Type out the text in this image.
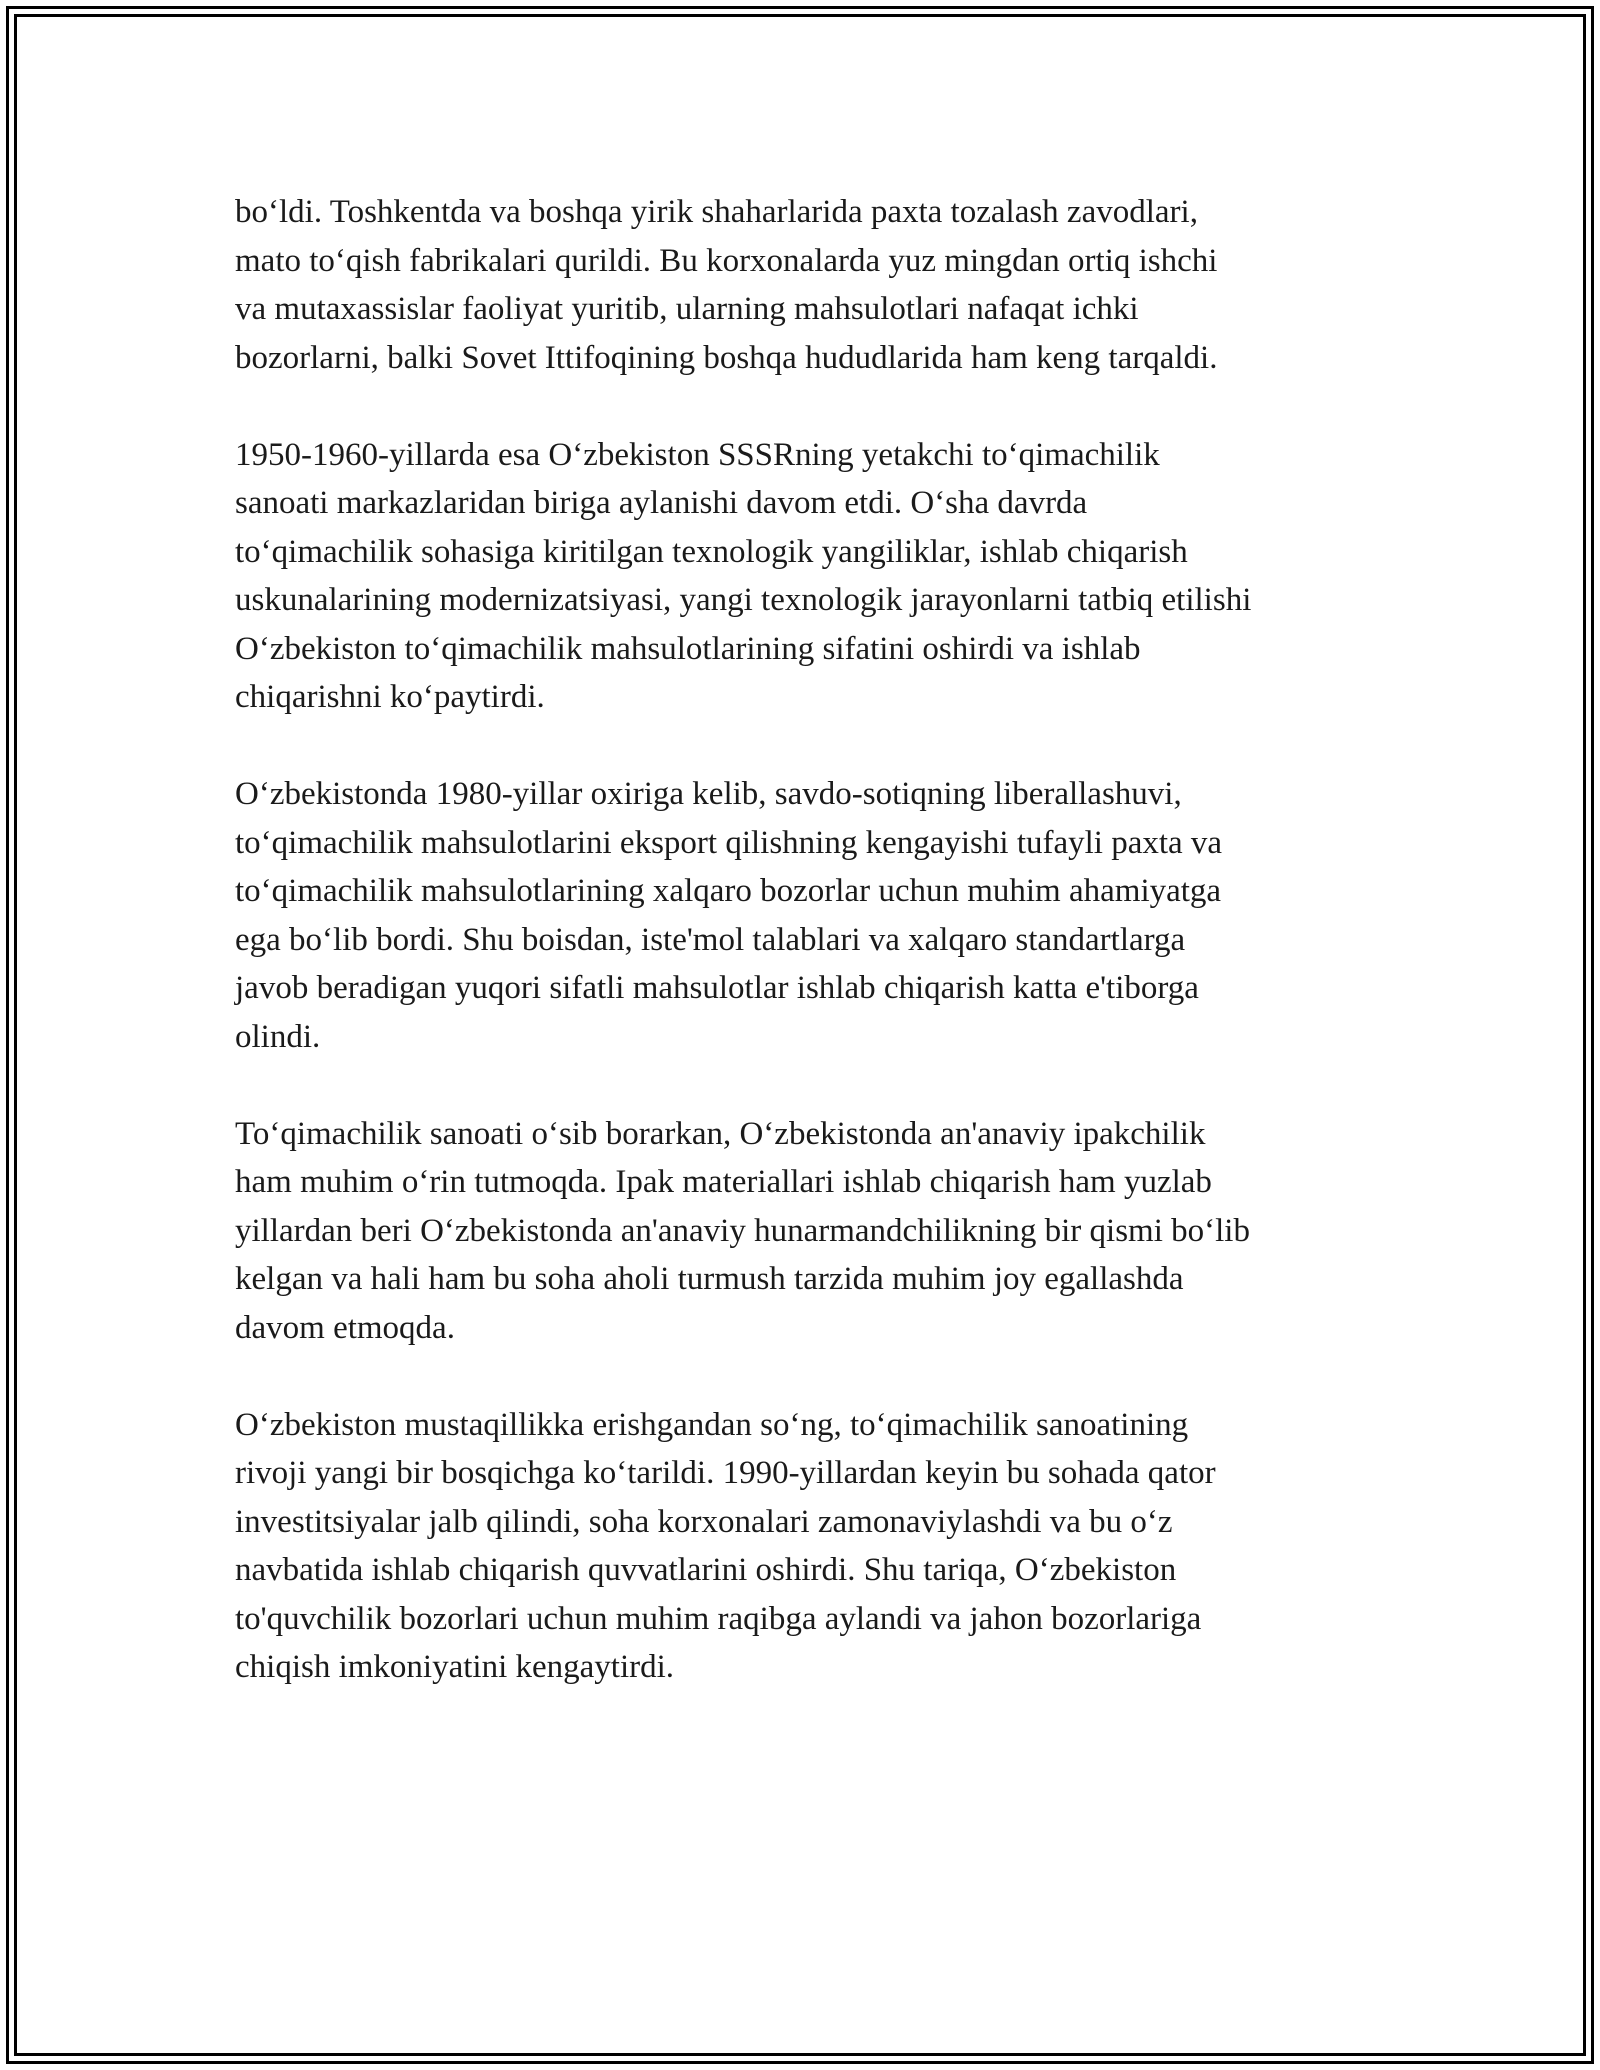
bo‘ldi. Toshkentda va boshqa yirik shaharlarida paxta tozalash zavodlari,
mato to‘qish fabrikalari qurildi. Bu korxonalarda yuz mingdan ortiq ishchi
va mutaxassislar faoliyat yuritib, ularning mahsulotlari nafaqat ichki
bozorlarni, balki Sovet Ittifoqining boshqa hududlarida ham keng tarqaldi.

1950-1960-yillarda esa O‘zbekiston SSSRning yetakchi to‘qimachilik
sanoati markazlaridan biriga aylanishi davom etdi. O‘sha davrda
to‘qimachilik sohasiga kiritilgan texnologik yangiliklar, ishlab chiqarish
uskunalarining modernizatsiyasi, yangi texnologik jarayonlarni tatbiq etilishi
O‘zbekiston to‘qimachilik mahsulotlarining sifatini oshirdi va ishlab
chiqarishni ko‘paytirdi.

O‘zbekistonda 1980-yillar oxiriga kelib, savdo-sotiqning liberallashuvi,
to‘qimachilik mahsulotlarini eksport qilishning kengayishi tufayli paxta va
to‘qimachilik mahsulotlarining xalqaro bozorlar uchun muhim ahamiyatga
ega bo‘lib bordi. Shu boisdan, iste'mol talablari va xalqaro standartlarga
javob beradigan yuqori sifatli mahsulotlar ishlab chiqarish katta e'tiborga
olindi.

To‘qimachilik sanoati o‘sib borarkan, O‘zbekistonda an'anaviy ipakchilik
ham muhim o‘rin tutmoqda. Ipak materiallari ishlab chiqarish ham yuzlab
yillardan beri O‘zbekistonda an'anaviy hunarmandchilikning bir qismi bo‘lib
kelgan va hali ham bu soha aholi turmush tarzida muhim joy egallashda
davom etmoqda.

O‘zbekiston mustaqillikka erishgandan so‘ng, to‘qimachilik sanoatining
rivoji yangi bir bosqichga ko‘tarildi. 1990-yillardan keyin bu sohada qator
investitsiyalar jalb qilindi, soha korxonalari zamonaviylashdi va bu o‘z
navbatida ishlab chiqarish quvvatlarini oshirdi. Shu tariqa, O‘zbekiston
to'quvchilik bozorlari uchun muhim raqibga aylandi va jahon bozorlariga
chiqish imkoniyatini kengaytirdi.
